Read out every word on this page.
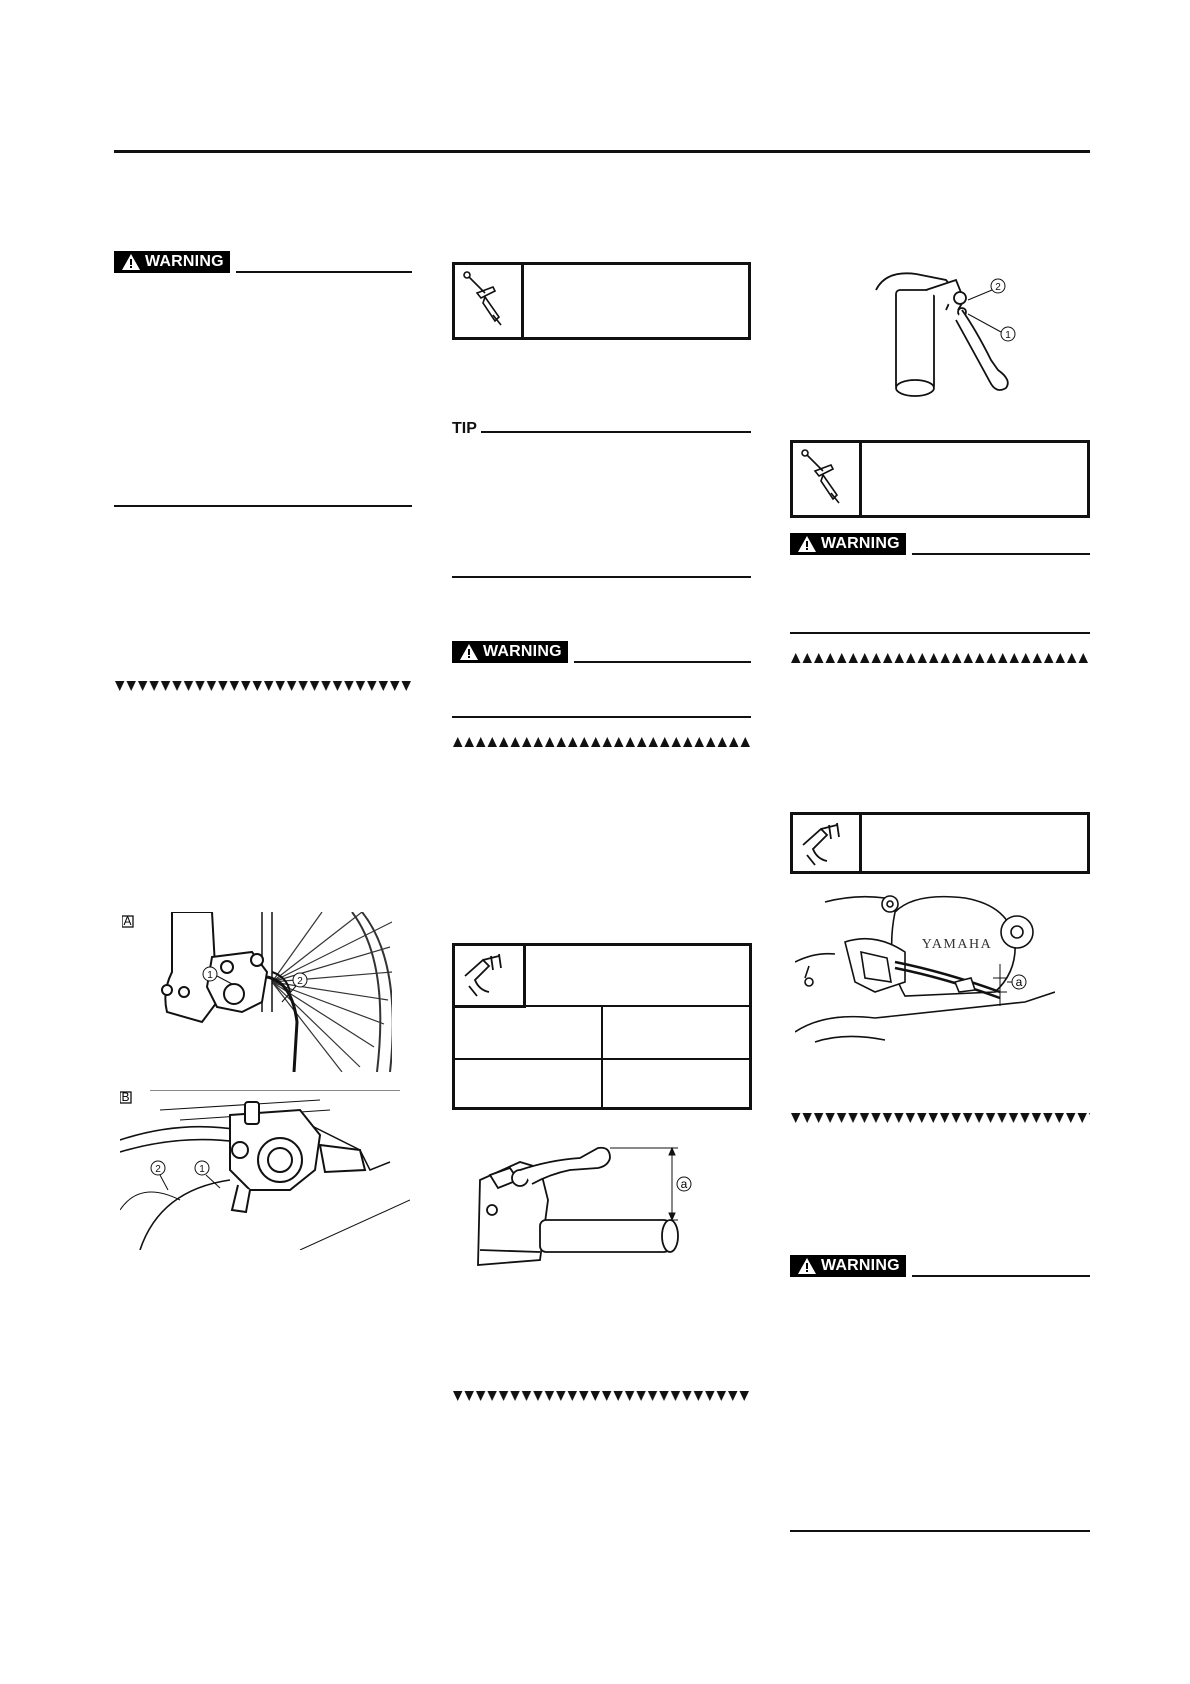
WARNING
A
1
2
B
2	1
TIP
WARNING
a
2
1
WARNING
YAMAHA
a
WARNING
